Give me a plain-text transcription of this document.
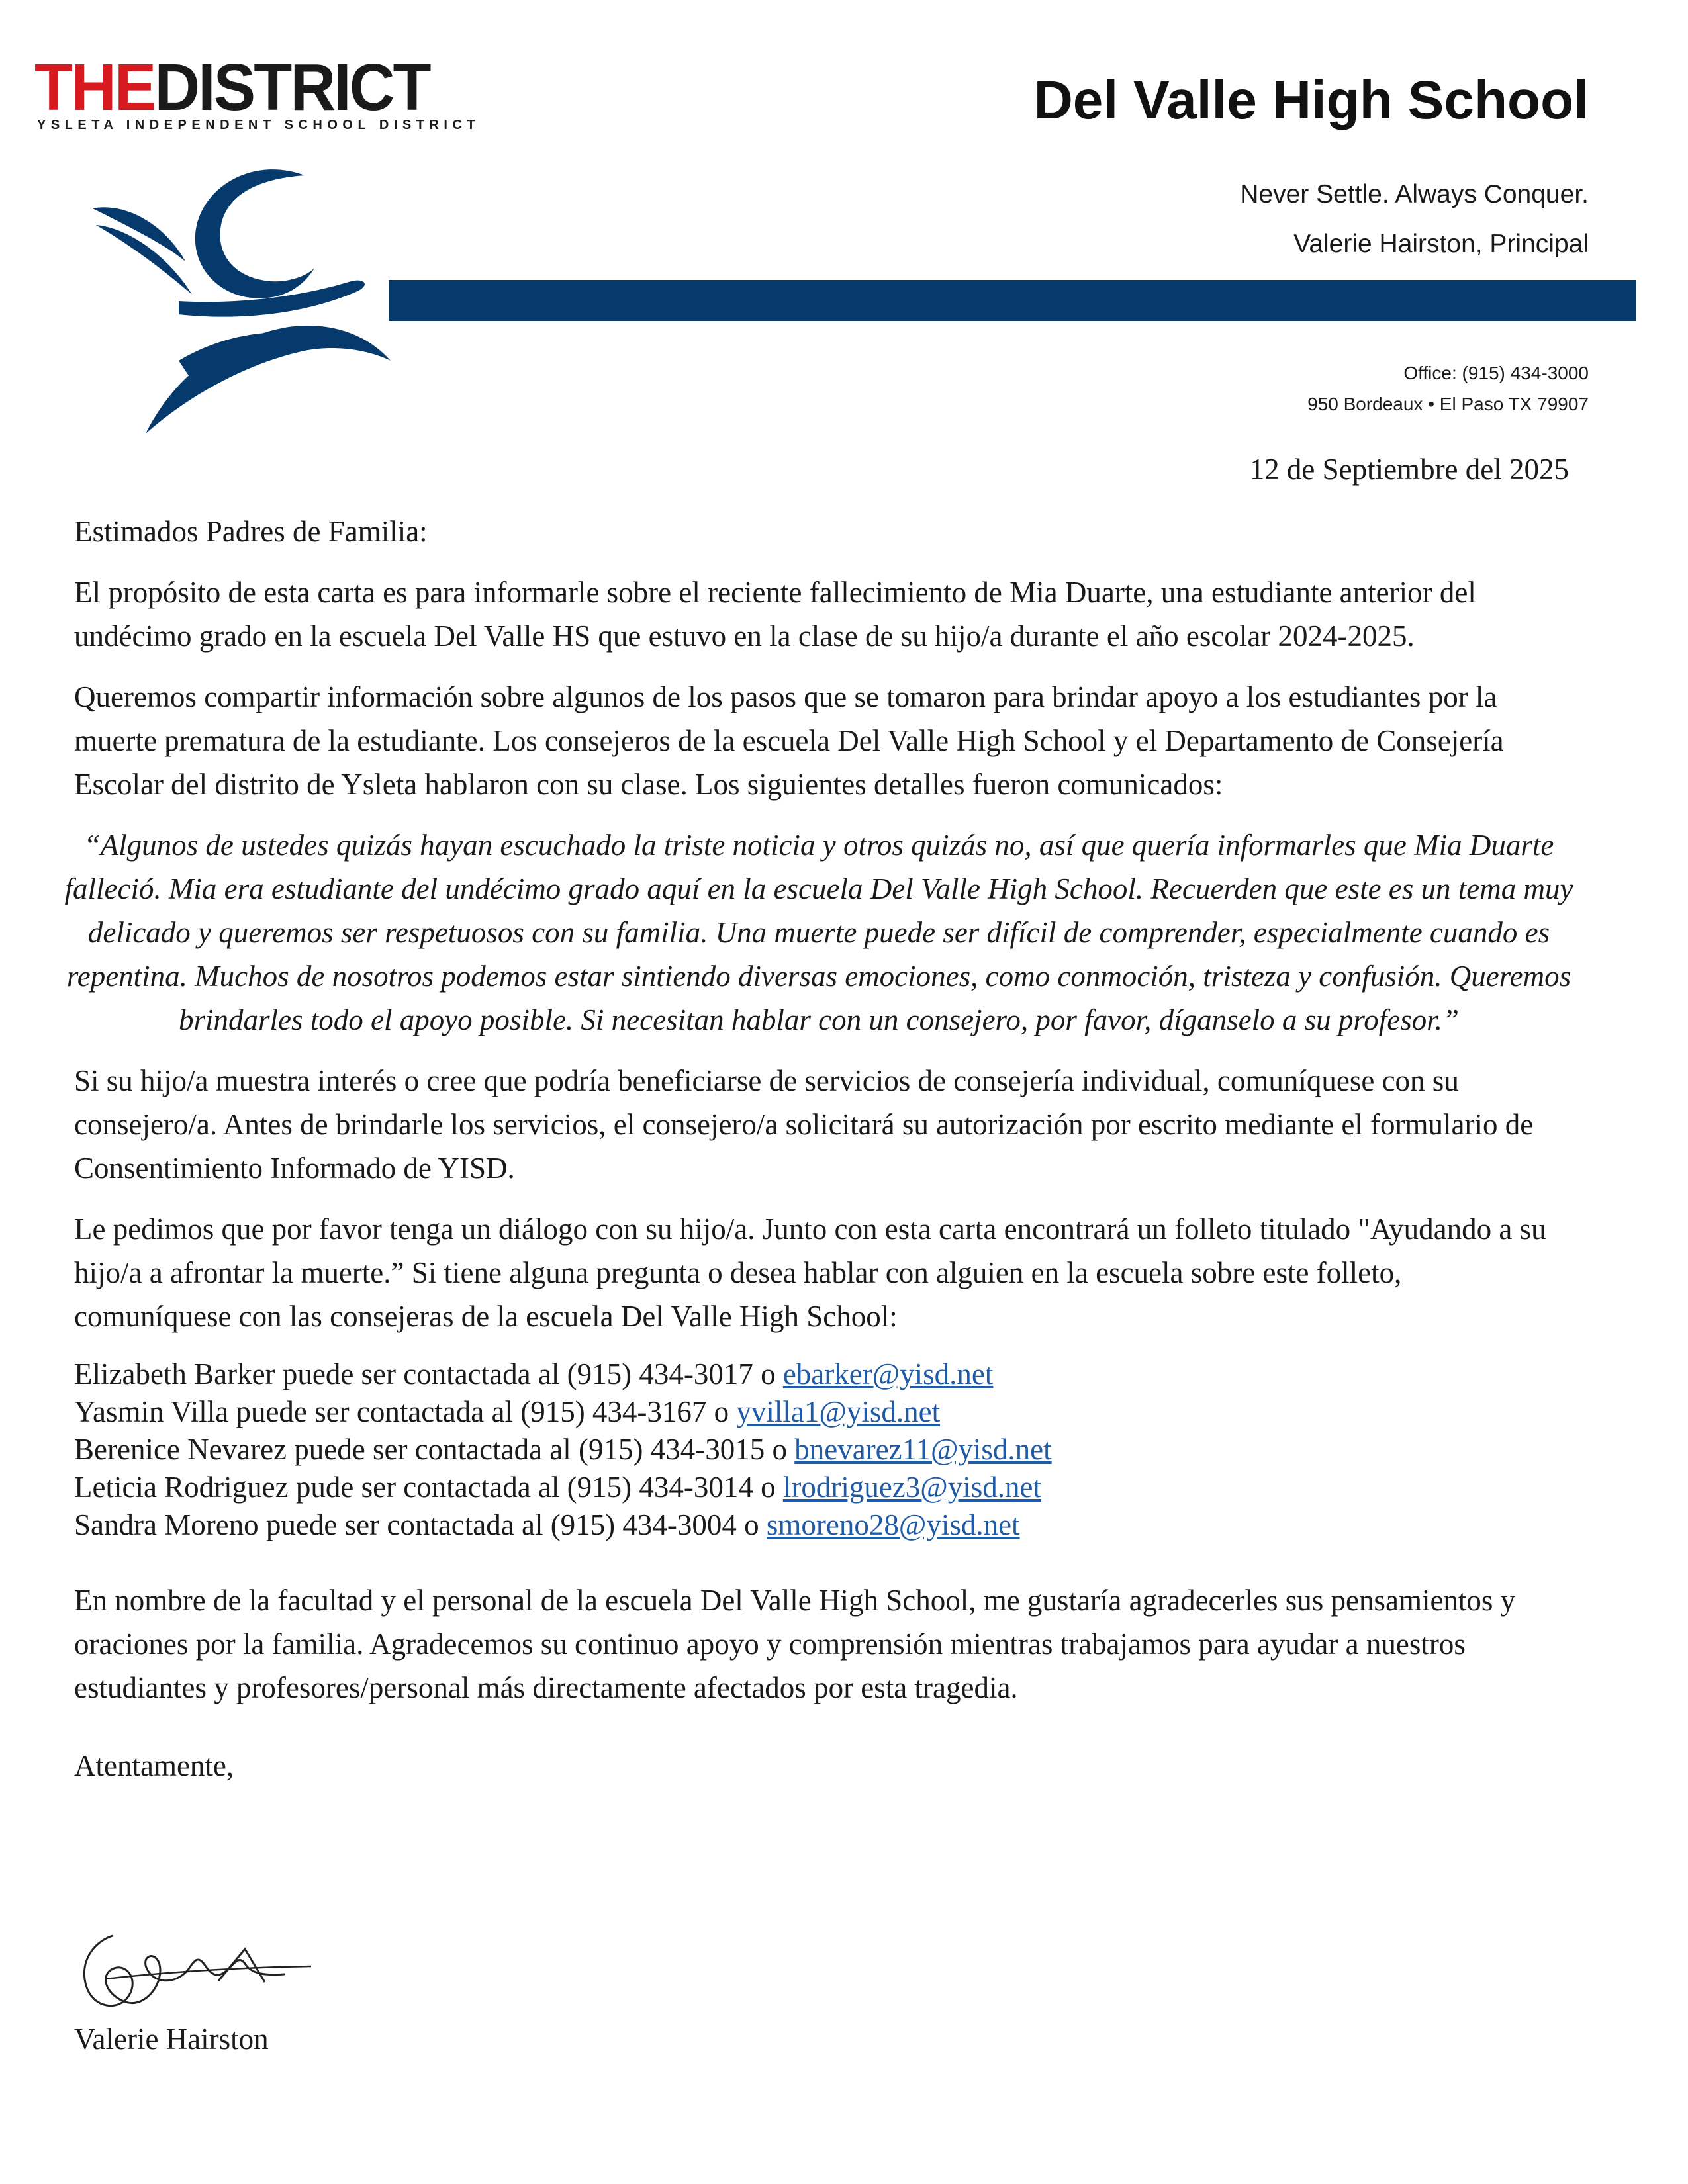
THEDISTRICT

YSLETA INDEPENDENT SCHOOL DISTRICT	Del Valle High School

Never Settle. Always Conquer.

Valerie Hairston, Principal

Office: (915) 434-3000

950 Bordeaux • El Paso TX 79907

12 de Septiembre del 2025

Estimados Padres de Familia:

El propósito de esta carta es para informarle sobre el reciente fallecimiento de Mia Duarte, una estudiante anterior del undécimo grado en la escuela Del Valle HS que estuvo en la clase de su hijo/a durante el año escolar 2024-2025.

Queremos compartir información sobre algunos de los pasos que se tomaron para brindar apoyo a los estudiantes por la muerte prematura de la estudiante. Los consejeros de la escuela Del Valle High School y el Departamento de Consejería Escolar del distrito de Ysleta hablaron con su clase. Los siguientes detalles fueron comunicados:

“Algunos de ustedes quizás hayan escuchado la triste noticia y otros quizás no, así que quería informarles que Mia Duarte falleció. Mia era estudiante del undécimo grado aquí en la escuela Del Valle High School. Recuerden que este es un tema muy delicado y queremos ser respetuosos con su familia. Una muerte puede ser difícil de comprender, especialmente cuando es repentina. Muchos de nosotros podemos estar sintiendo diversas emociones, como conmoción, tristeza y confusión. Queremos brindarles todo el apoyo posible. Si necesitan hablar con un consejero, por favor, díganselo a su profesor.”

Si su hijo/a muestra interés o cree que podría beneficiarse de servicios de consejería individual, comuníquese con su consejero/a. Antes de brindarle los servicios, el consejero/a solicitará su autorización por escrito mediante el formulario de Consentimiento Informado de YISD.

Le pedimos que por favor tenga un diálogo con su hijo/a. Junto con esta carta encontrará un folleto titulado "Ayudando a su hijo/a a afrontar la muerte.” Si tiene alguna pregunta o desea hablar con alguien en la escuela sobre este folleto, comuníquese con las consejeras de la escuela Del Valle High School:

Elizabeth Barker puede ser contactada al (915) 434-3017 o ebarker@yisd.net
Yasmin Villa puede ser contactada al (915) 434-3167 o yvilla1@yisd.net
Berenice Nevarez puede ser contactada al (915) 434-3015 o bnevarez11@yisd.net
Leticia Rodriguez pude ser contactada al (915) 434-3014 o lrodriguez3@yisd.net
Sandra Moreno puede ser contactada al (915) 434-3004 o smoreno28@yisd.net

En nombre de la facultad y el personal de la escuela Del Valle High School, me gustaría agradecerles sus pensamientos y oraciones por la familia. Agradecemos su continuo apoyo y comprensión mientras trabajamos para ayudar a nuestros estudiantes y profesores/personal más directamente afectados por esta tragedia.

Atentamente,

Valerie Hairston
